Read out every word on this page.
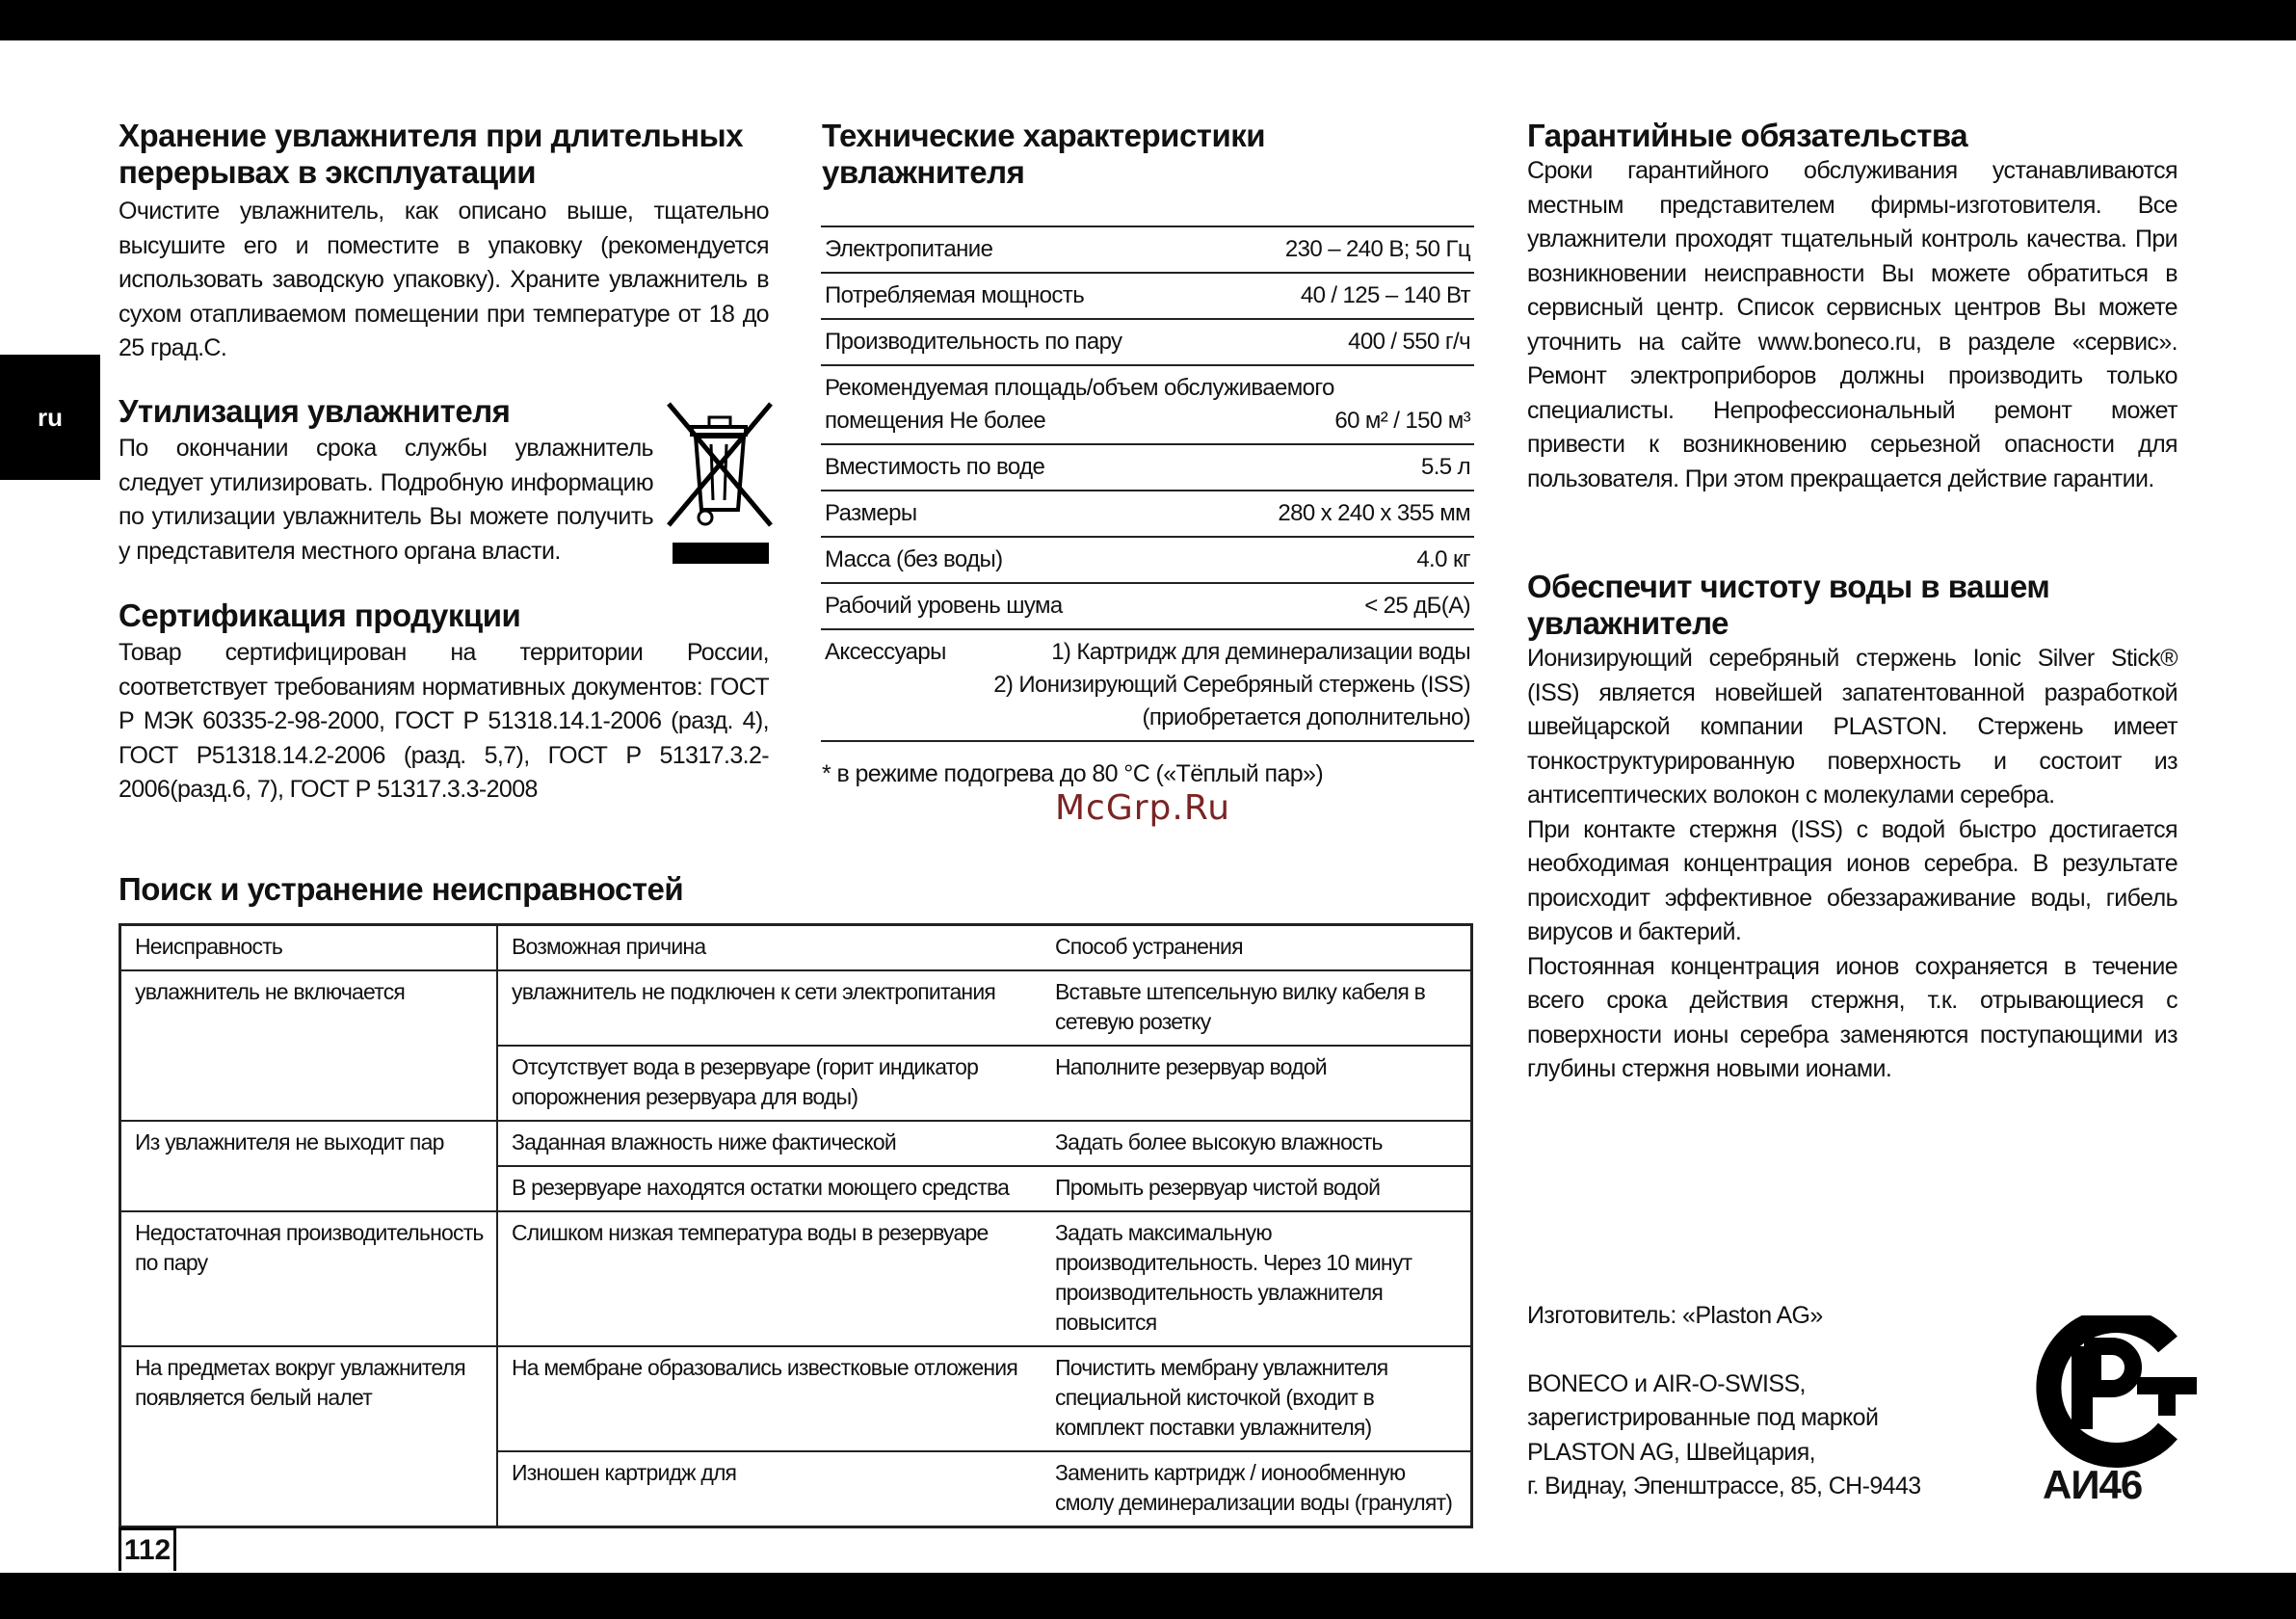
ru
Хранение увлажнителя при длительных перерывах в эксплуатации

Очистите увлажнитель, как описано выше, тщательно высушите его и поместите в упаковку (рекомендуется использовать заводскую упаковку). Храните увлажнитель в сухом отапливаемом помещении при температуре от 18 до 25 град.С.

Утилизация увлажнителя

По окончании срока службы увлажнитель следует утилизировать. Подробную информацию по утилизации увлажнитель Вы можете получить у представителя местного органа власти.

Сертификация продукции

Товар сертифицирован на территории России, соответствует требованиям нормативных документов: ГОСТ Р МЭК 60335-2-98-2000, ГОСТ Р 51318.14.1-2006 (разд. 4), ГОСТ Р51318.14.2-2006 (разд. 5,7), ГОСТ Р 51317.3.2- 2006(разд.6, 7), ГОСТ Р 51317.3.3-2008

Технические характеристики увлажнителя
Электропитание	230 – 240 В; 50 Гц
Потребляемая мощность	40 / 125 – 140 Вт
Производительность по пару	400 / 550 г/ч
Рекомендуемая площадь/объем обслуживаемого
помещения Не более	60 м² / 150 м³
Вместимость по воде	5.5 л
Размеры	280 x 240 x 355 мм
Масса (без воды)	4.0 кг
Рабочий уровень шума	< 25 дБ(А)
Аксессуары	1) Картридж для деминерализации воды
2) Ионизирующий Серебряный стержень (ISS)
(приобретается дополнительно)
* в режиме подогрева до 80 °C («Тёплый пар»)
McGrp.Ru
Поиск и устранение неисправностей
Неисправность	Возможная причина	Способ устранения
увлажнитель не включается	увлажнитель не подключен к сети электропитания	Вставьте штепсельную вилку кабеля в сетевую розетку
	Отсутствует вода в резервуаре (горит индикатор опорожнения резервуара для воды)	Наполните резервуар водой
Из увлажнителя не выходит пар	Заданная влажность ниже фактической	Задать более высокую влажность
	В резервуаре находятся остатки моющего средства	Промыть резервуар чистой водой
Недостаточная производительность по пару	Слишком низкая температура воды в резервуаре	Задать максимальную производительность. Через 10 минут производительность увлажнителя повысится
На предметах вокруг увлажнителя появляется белый налет	На мембране образовались известковые отложения	Почистить мембрану увлажнителя специальной кисточкой (входит в комплект поставки увлажнителя)
	Изношен картридж для	Заменить картридж / ионообменную смолу деминерализации воды (гранулят)
Гарантийные обязательства

Сроки гарантийного обслуживания устанавливаются местным представителем фирмы-изготовителя. Все увлажнители проходят тщательный контроль качества. При возникновении неисправности Вы можете обратиться в сервисный центр. Список сервисных центров Вы можете уточнить на сайте www.boneco.ru, в разделе «сервис». Ремонт электроприборов должны производить только специалисты. Непрофессиональный ремонт может привести к возникновению серьезной опасности для пользователя. При этом прекращается действие гарантии.

Обеспечит чистоту воды в вашем увлажнителе

Ионизирующий серебряный стержень Ionic Silver Stick® (ISS) является новейшей запатентованной разработкой швейцарской компании PLASTON. Стержень имеет тонкоструктурированную поверхность и состоит из антисептических волокон с молекулами серебра.

При контакте стержня (ISS) с водой быстро достигается необходимая концентрация ионов серебра. В результате происходит эффективное обеззараживание воды, гибель вирусов и бактерий.

Постоянная концентрация ионов сохраняется в течение всего срока действия стержня, т.к. отрывающиеся с поверхности ионы серебра заменяются поступающими из глубины стержня новыми ионами.

Изготовитель: «Plaston AG»
BONECO и AIR-O-SWISS,
зарегистрированные под маркой
PLASTON AG, Швейцария,
г. Виднау, Эпенштрассе, 85, CH-9443	АИ46
112
